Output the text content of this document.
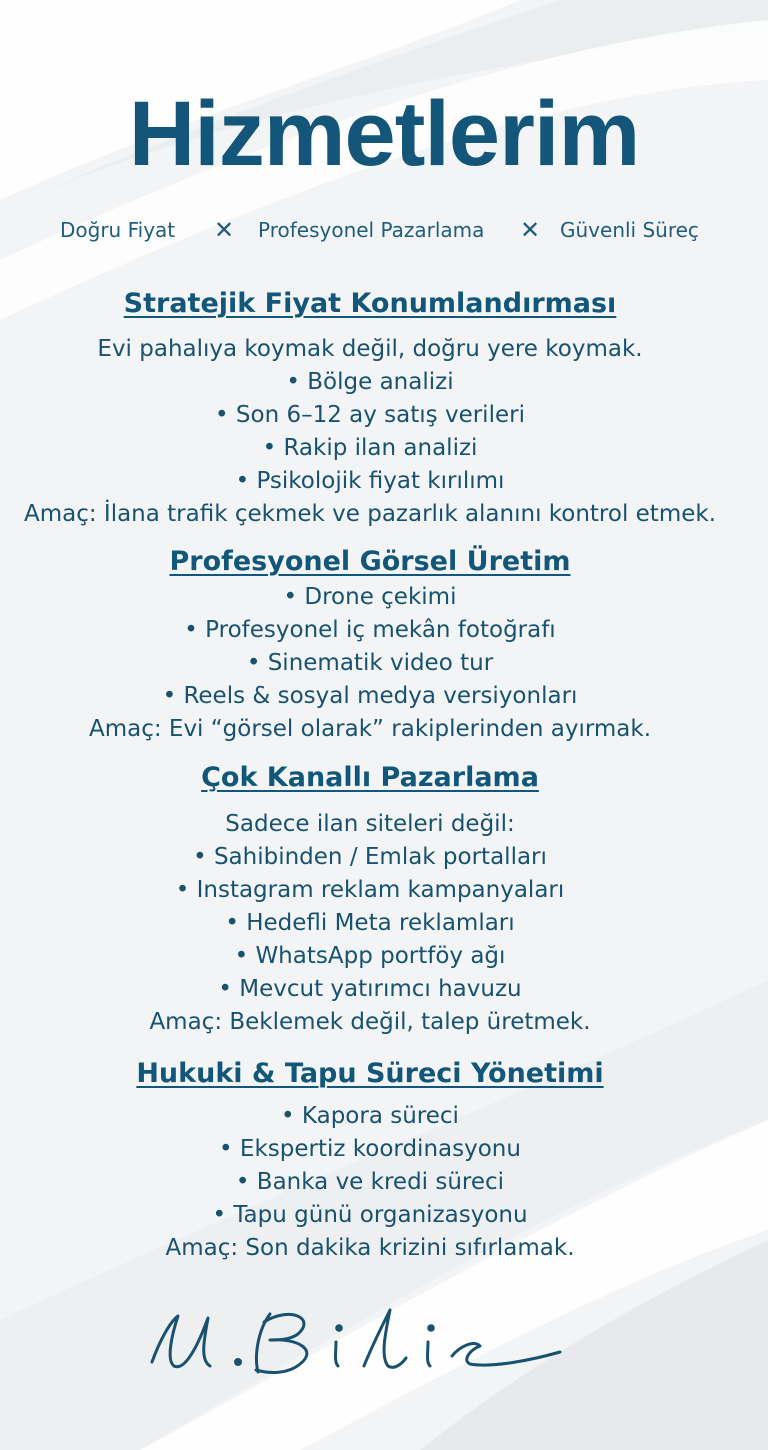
Hizmetlerim
Doğru Fiyat ✕ Profesyonel Pazarlama ✕ Güvenli Süreç
Stratejik Fiyat Konumlandırması

Evi pahalıya koymak değil, doğru yere koymak.

• Bölge analizi

• Son 6–12 ay satış verileri

• Rakip ilan analizi

• Psikolojik fiyat kırılımı

Amaç: İlana trafik çekmek ve pazarlık alanını kontrol etmek.

Profesyonel Görsel Üretim

• Drone çekimi

• Profesyonel iç mekân fotoğrafı

• Sinematik video tur

• Reels & sosyal medya versiyonları

Amaç: Evi “görsel olarak” rakiplerinden ayırmak.

Çok Kanallı Pazarlama

Sadece ilan siteleri değil:

• Sahibinden / Emlak portalları

• Instagram reklam kampanyaları

• Hedefli Meta reklamları

• WhatsApp portföy ağı

• Mevcut yatırımcı havuzu

Amaç: Beklemek değil, talep üretmek.

Hukuki & Tapu Süreci Yönetimi

• Kapora süreci

• Ekspertiz koordinasyonu

• Banka ve kredi süreci

• Tapu günü organizasyonu

Amaç: Son dakika krizini sıfırlamak.
